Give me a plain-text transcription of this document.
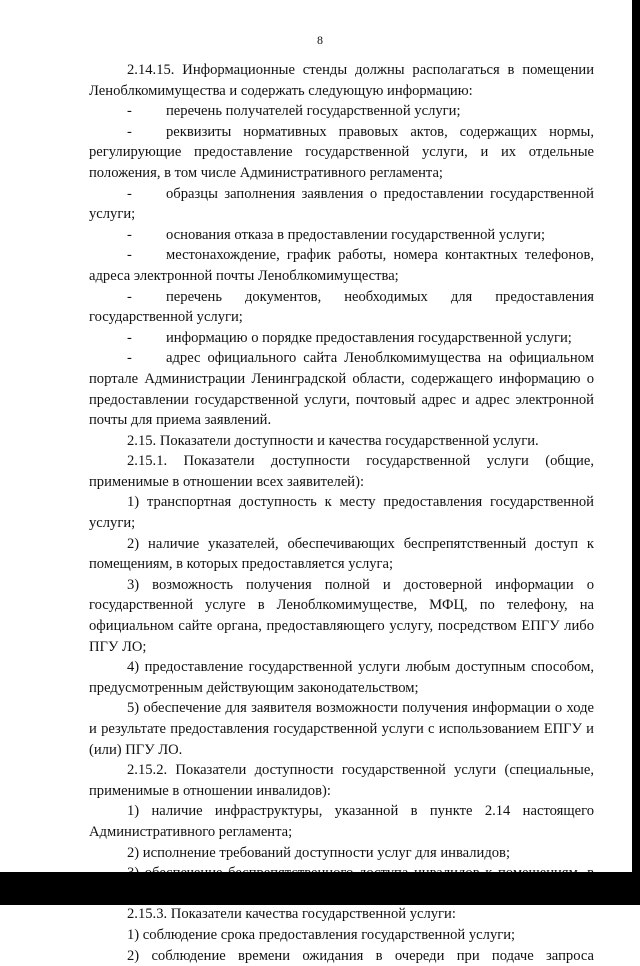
8

2.14.15. Информационные стенды должны располагаться в помещении Леноблкомимущества и содержать следующую информацию:

-	перечень получателей государственной услуги;

- реквизиты нормативных правовых актов, содержащих нормы, регулирующие предоставление государственной услуги, и их отдельные положения, в том числе Административного регламента;

- образцы заполнения заявления о предоставлении государственной услуги;

-	основания отказа в предоставлении государственной услуги;

- местонахождение, график работы, номера контактных телефонов, адреса электронной почты Леноблкомимущества;

- перечень документов, необходимых для предоставления государственной услуги;

-	информацию о порядке предоставления государственной услуги;

- адрес официального сайта Леноблкомимущества на официальном портале Администрации Ленинградской области, содержащего информацию о предоставлении государственной услуги, почтовый адрес и адрес электронной почты для приема заявлений.

2.15. Показатели доступности и качества государственной услуги.

2.15.1. Показатели доступности государственной услуги (общие, применимые в отношении всех заявителей):

1) транспортная доступность к месту предоставления государственной услуги;

2) наличие указателей, обеспечивающих беспрепятственный доступ к помещениям, в которых предоставляется услуга;

3) возможность получения полной и достоверной информации о государственной услуге в Леноблкомимуществе, МФЦ, по телефону, на официальном сайте органа, предоставляющего услугу, посредством ЕПГУ либо ПГУ ЛО;

4) предоставление государственной услуги любым доступным способом, предусмотренным действующим законодательством;

5) обеспечение для заявителя возможности получения информации о ходе и результате предоставления государственной услуги с использованием ЕПГУ и (или) ПГУ ЛО.

2.15.2. Показатели доступности государственной услуги (специальные, применимые в отношении инвалидов):

1) наличие инфраструктуры, указанной в пункте 2.14 настоящего Административного регламента;

2) исполнение требований доступности услуг для инвалидов;

2.15.3. Показатели качества государственной услуги:

1) соблюдение срока предоставления государственной услуги;

2) соблюдение времени ожидания в очереди при подаче запроса
